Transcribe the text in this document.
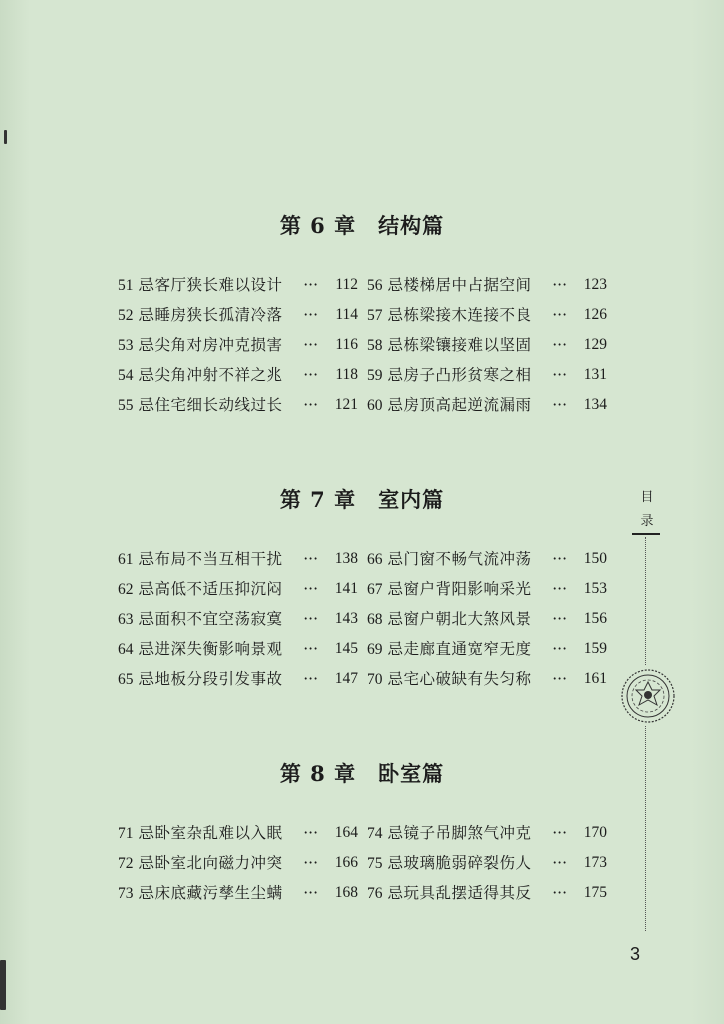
第 6 章 结构篇
51 忌客厅狭长难以设计 ··· 112
52 忌睡房狭长孤清冷落 ··· 114
53 忌尖角对房冲克损害 ··· 116
54 忌尖角冲射不祥之兆 ··· 118
55 忌住宅细长动线过长 ··· 121
56 忌楼梯居中占据空间 ··· 123
57 忌栋梁接木连接不良 ··· 126
58 忌栋梁镶接难以坚固 ··· 129
59 忌房子凸形贫寒之相 ··· 131
60 忌房顶高起逆流漏雨 ··· 134
第 7 章 室内篇
61 忌布局不当互相干扰 ··· 138
62 忌高低不适压抑沉闷 ··· 141
63 忌面积不宜空荡寂寞 ··· 143
64 忌进深失衡影响景观 ··· 145
65 忌地板分段引发事故 ··· 147
66 忌门窗不畅气流冲荡 ··· 150
67 忌窗户背阳影响采光 ··· 153
68 忌窗户朝北大煞风景 ··· 156
69 忌走廊直通宽窄无度 ··· 159
70 忌宅心破缺有失匀称 ··· 161
第 8 章 卧室篇
71 忌卧室杂乱难以入眠 ··· 164
72 忌卧室北向磁力冲突 ··· 166
73 忌床底藏污孳生尘螨 ··· 168
74 忌镜子吊脚煞气冲克 ··· 170
75 忌玻璃脆弱碎裂伤人 ··· 173
76 忌玩具乱摆适得其反 ··· 175
目
录
3
